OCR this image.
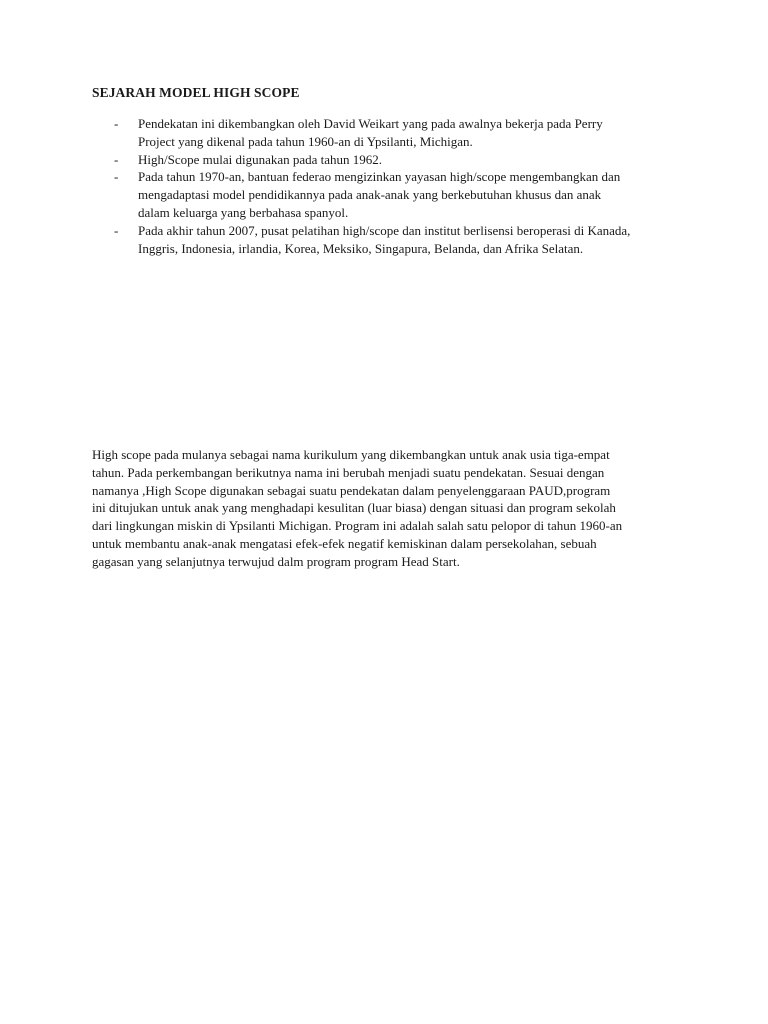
SEJARAH MODEL HIGH SCOPE
- Pendekatan ini dikembangkan oleh David Weikart yang pada awalnya bekerja pada Perry
Project yang dikenal pada tahun 1960-an di Ypsilanti, Michigan.
- High/Scope mulai digunakan pada tahun 1962.
- Pada tahun 1970-an, bantuan federao mengizinkan yayasan high/scope mengembangkan dan
mengadaptasi model pendidikannya pada anak-anak yang berkebutuhan khusus dan anak
dalam keluarga yang berbahasa spanyol.
- Pada akhir tahun 2007, pusat pelatihan high/scope dan institut berlisensi beroperasi di Kanada,
Inggris, Indonesia, irlandia, Korea, Meksiko, Singapura, Belanda, dan Afrika Selatan.

High scope pada mulanya sebagai nama kurikulum yang dikembangkan untuk anak usia tiga-empat
tahun. Pada perkembangan berikutnya nama ini berubah menjadi suatu pendekatan. Sesuai dengan
namanya ,High Scope digunakan sebagai suatu pendekatan dalam penyelenggaraan PAUD,program
ini ditujukan untuk anak yang menghadapi kesulitan (luar biasa) dengan situasi dan program sekolah
dari lingkungan miskin di Ypsilanti Michigan. Program ini adalah salah satu pelopor di tahun 1960-an
untuk membantu anak-anak mengatasi efek-efek negatif kemiskinan dalam persekolahan, sebuah
gagasan yang selanjutnya terwujud dalm program program Head Start.
